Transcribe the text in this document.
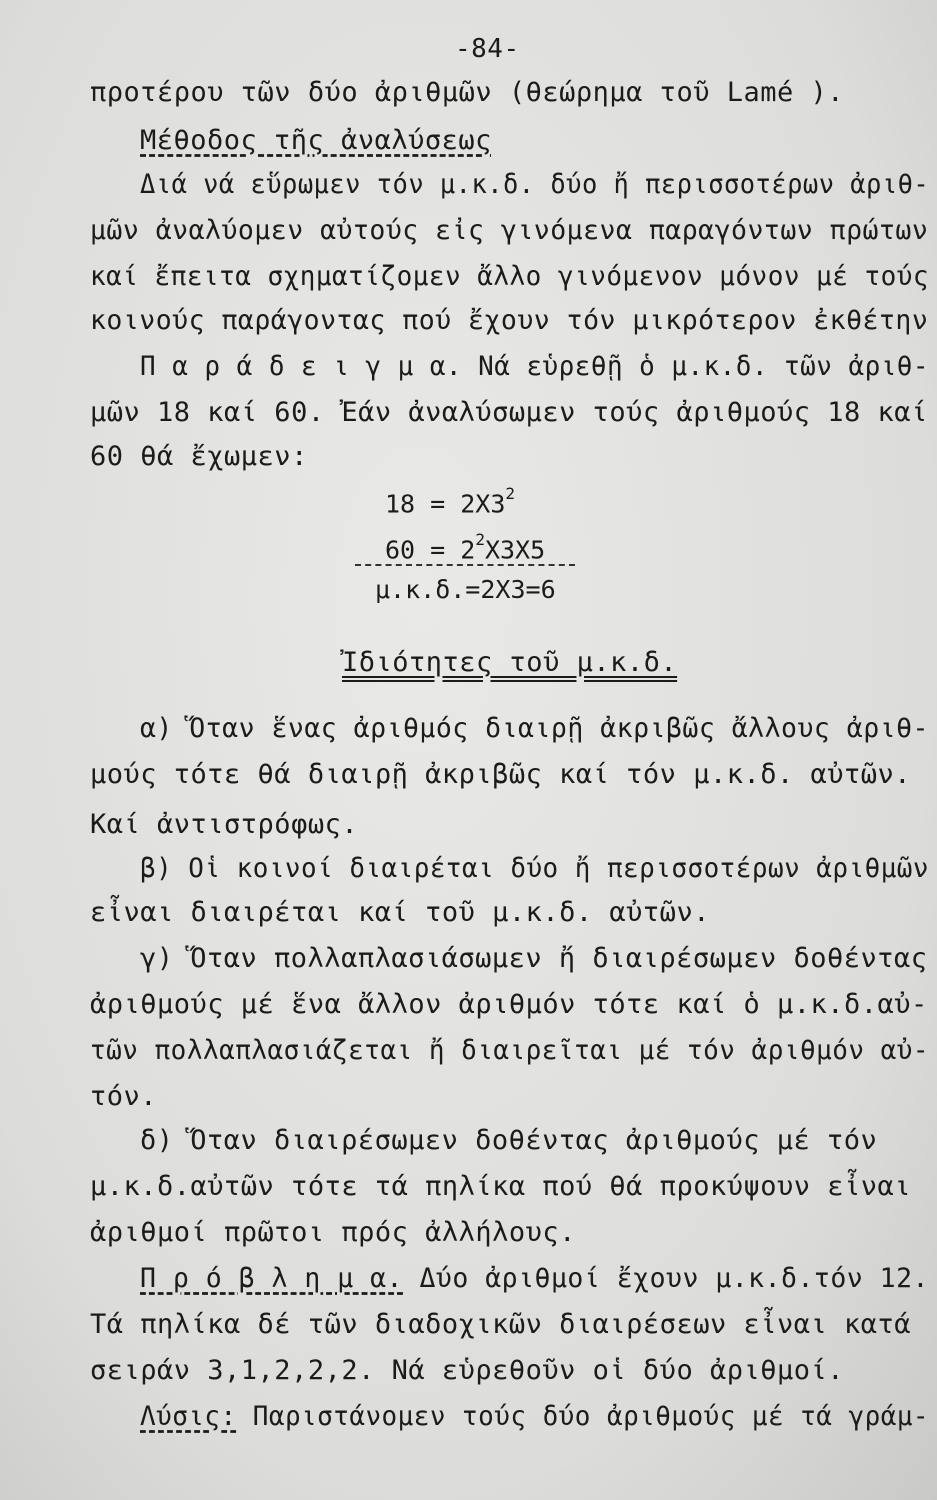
-84-
προτέρου τῶν δύο ἀριθμῶν (θεώρημα τοῦ Lamé ).
Μέθοδος τῆς ἀναλύσεως
Διά νά εὕρωμεν τόν μ.κ.δ. δύο ἤ περισσοτέρων ἀριθ-
μῶν ἀναλύομεν αὐτούς εἰς γινόμενα παραγόντων πρώτων
καί ἔπειτα σχηματίζομεν ἄλλο γινόμενον μόνον μέ τούς
κοινούς παράγοντας πού ἔχουν τόν μικρότερον ἐκθέτην
Π α ρ ά δ ε ι γ μ α. Νά εὑρεθῇ ὁ μ.κ.δ. τῶν ἀριθ-
μῶν 18 καί 60. Ἐάν ἀναλύσωμεν τούς ἀριθμούς 18 καί
60 θά ἔχωμεν:
$18 = 2X3^2$
$60 = 2^2X3X5$
μ.κ.δ.=2X3=6
Ἰδιότητες τοῦ μ.κ.δ.
α) Ὅταν ἕνας ἀριθμός διαιρῇ ἀκριβῶς ἄλλους ἀριθ-
μούς τότε θά διαιρῇ ἀκριβῶς καί τόν μ.κ.δ. αὐτῶν.
Καί ἀντιστρόφως.
β) Οἱ κοινοί διαιρέται δύο ἤ περισσοτέρων ἀριθμῶν
εἶναι διαιρέται καί τοῦ μ.κ.δ. αὐτῶν.
γ) Ὅταν πολλαπλασιάσωμεν ἤ διαιρέσωμεν δοθέντας
ἀριθμούς μέ ἕνα ἄλλον ἀριθμόν τότε καί ὁ μ.κ.δ.αὐ-
τῶν πολλαπλασιάζεται ἤ διαιρεῖται μέ τόν ἀριθμόν αὐ-
τόν.
δ) Ὅταν διαιρέσωμεν δοθέντας ἀριθμούς μέ τόν
μ.κ.δ.αὐτῶν τότε τά πηλίκα πού θά προκύψουν εἶναι
ἀριθμοί πρῶτοι πρός ἀλλήλους.
Π ρ ό β λ η μ α. Δύο ἀριθμοί ἔχουν μ.κ.δ.τόν 12.
Τά πηλίκα δέ τῶν διαδοχικῶν διαιρέσεων εἶναι κατά
σειράν 3,1,2,2,2. Νά εὑρεθοῦν οἱ δύο ἀριθμοί.
Λύσις: Παριστάνομεν τούς δύο ἀριθμούς μέ τά γράμ-
